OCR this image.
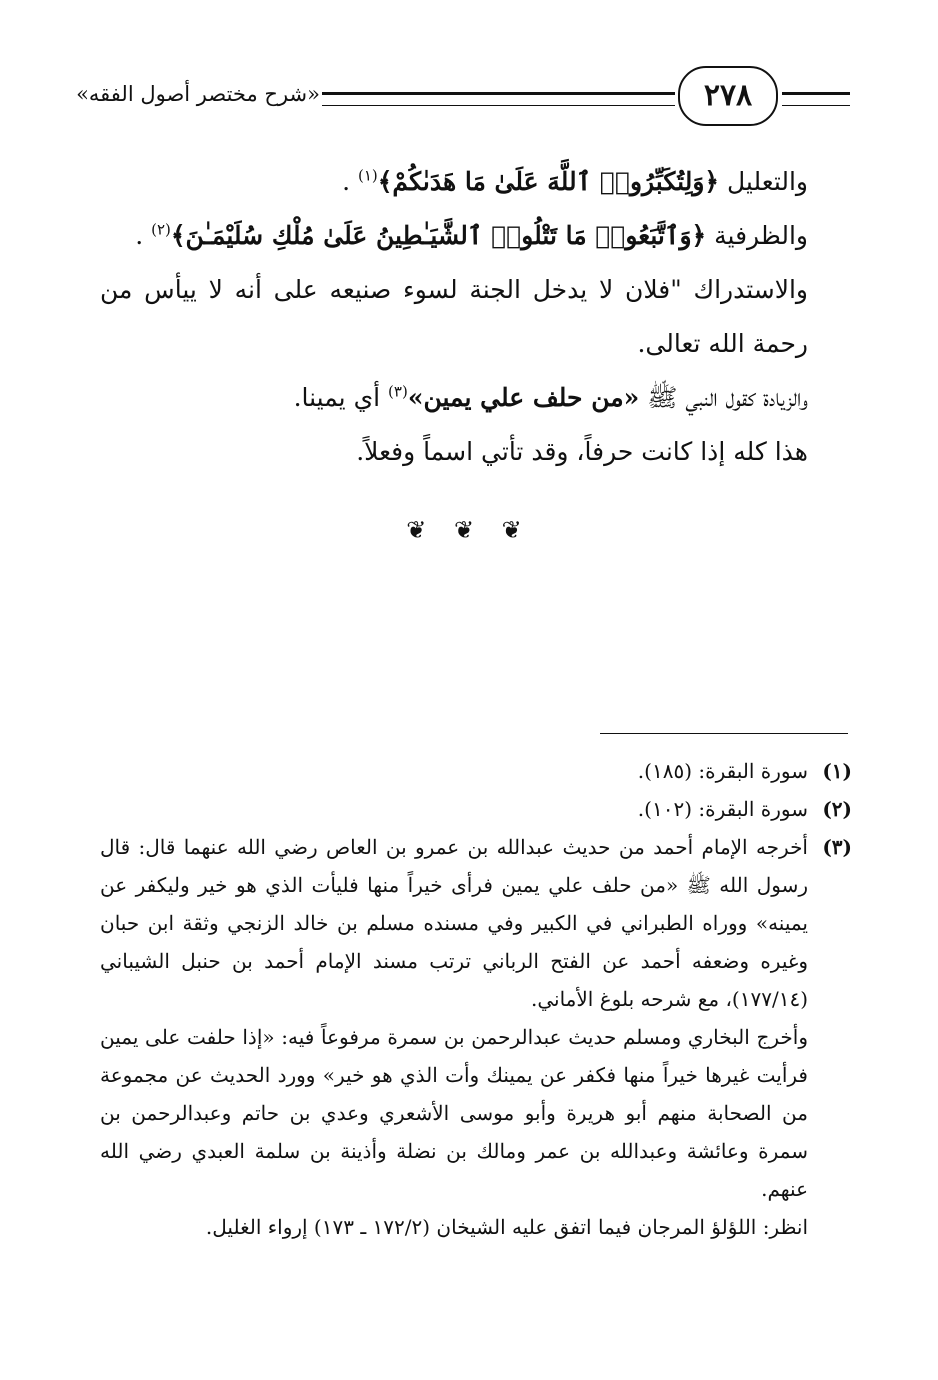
«شرح مختصر أصول الفقه»	٢٧٨

والتعليل ﴿وَلِتُكَبِّرُوا۟ ٱللَّهَ عَلَىٰ مَا هَدَىٰكُمْ﴾$^{(١)}$ .

والظرفية ﴿وَٱتَّبَعُوا۟ مَا تَتْلُوا۟ ٱلشَّيَـٰطِينُ عَلَىٰ مُلْكِ سُلَيْمَـٰنَ﴾$^{(٢)}$ .

والاستدراك "فلان لا يدخل الجنة لسوء صنيعه على أنه لا ييأس من رحمة الله تعالى.

والزيادة كقول النبي ﷺ «من حلف علي يمين»$^{(٣)}$ أي يمينا.

هذا كله إذا كانت حرفاً، وقد تأتي اسماً وفعلاً.

❦ ❦ ❦
(١)
سورة البقرة: (١٨٥).
(٢)
سورة البقرة: (١٠٢).
(٣)
أخرجه الإمام أحمد من حديث عبدالله بن عمرو بن العاص رضي الله عنهما قال: قال رسول الله ﷺ «من حلف علي يمين فرأى خيراً منها فليأت الذي هو خير وليكفر عن يمينه» ووراه الطبراني في الكبير وفي مسنده مسلم بن خالد الزنجي وثقة ابن حبان وغيره وضعفه أحمد عن الفتح الرباني ترتب مسند الإمام أحمد بن حنبل الشيباني (١٧٧/١٤)، مع شرحه بلوغ الأماني.

وأخرج البخاري ومسلم حديث عبدالرحمن بن سمرة مرفوعاً فيه: «إذا حلفت على يمين فرأيت غيرها خيراً منها فكفر عن يمينك وأت الذي هو خير» وورد الحديث عن مجموعة من الصحابة منهم أبو هريرة وأبو موسى الأشعري وعدي بن حاتم وعبدالرحمن بن سمرة وعائشة وعبدالله بن عمر ومالك بن نضلة وأذينة بن سلمة العبدي رضي الله عنهم.

انظر: اللؤلؤ المرجان فيما اتفق عليه الشيخان (١٧٢/٢ ـ ١٧٣) إرواء الغليل.
